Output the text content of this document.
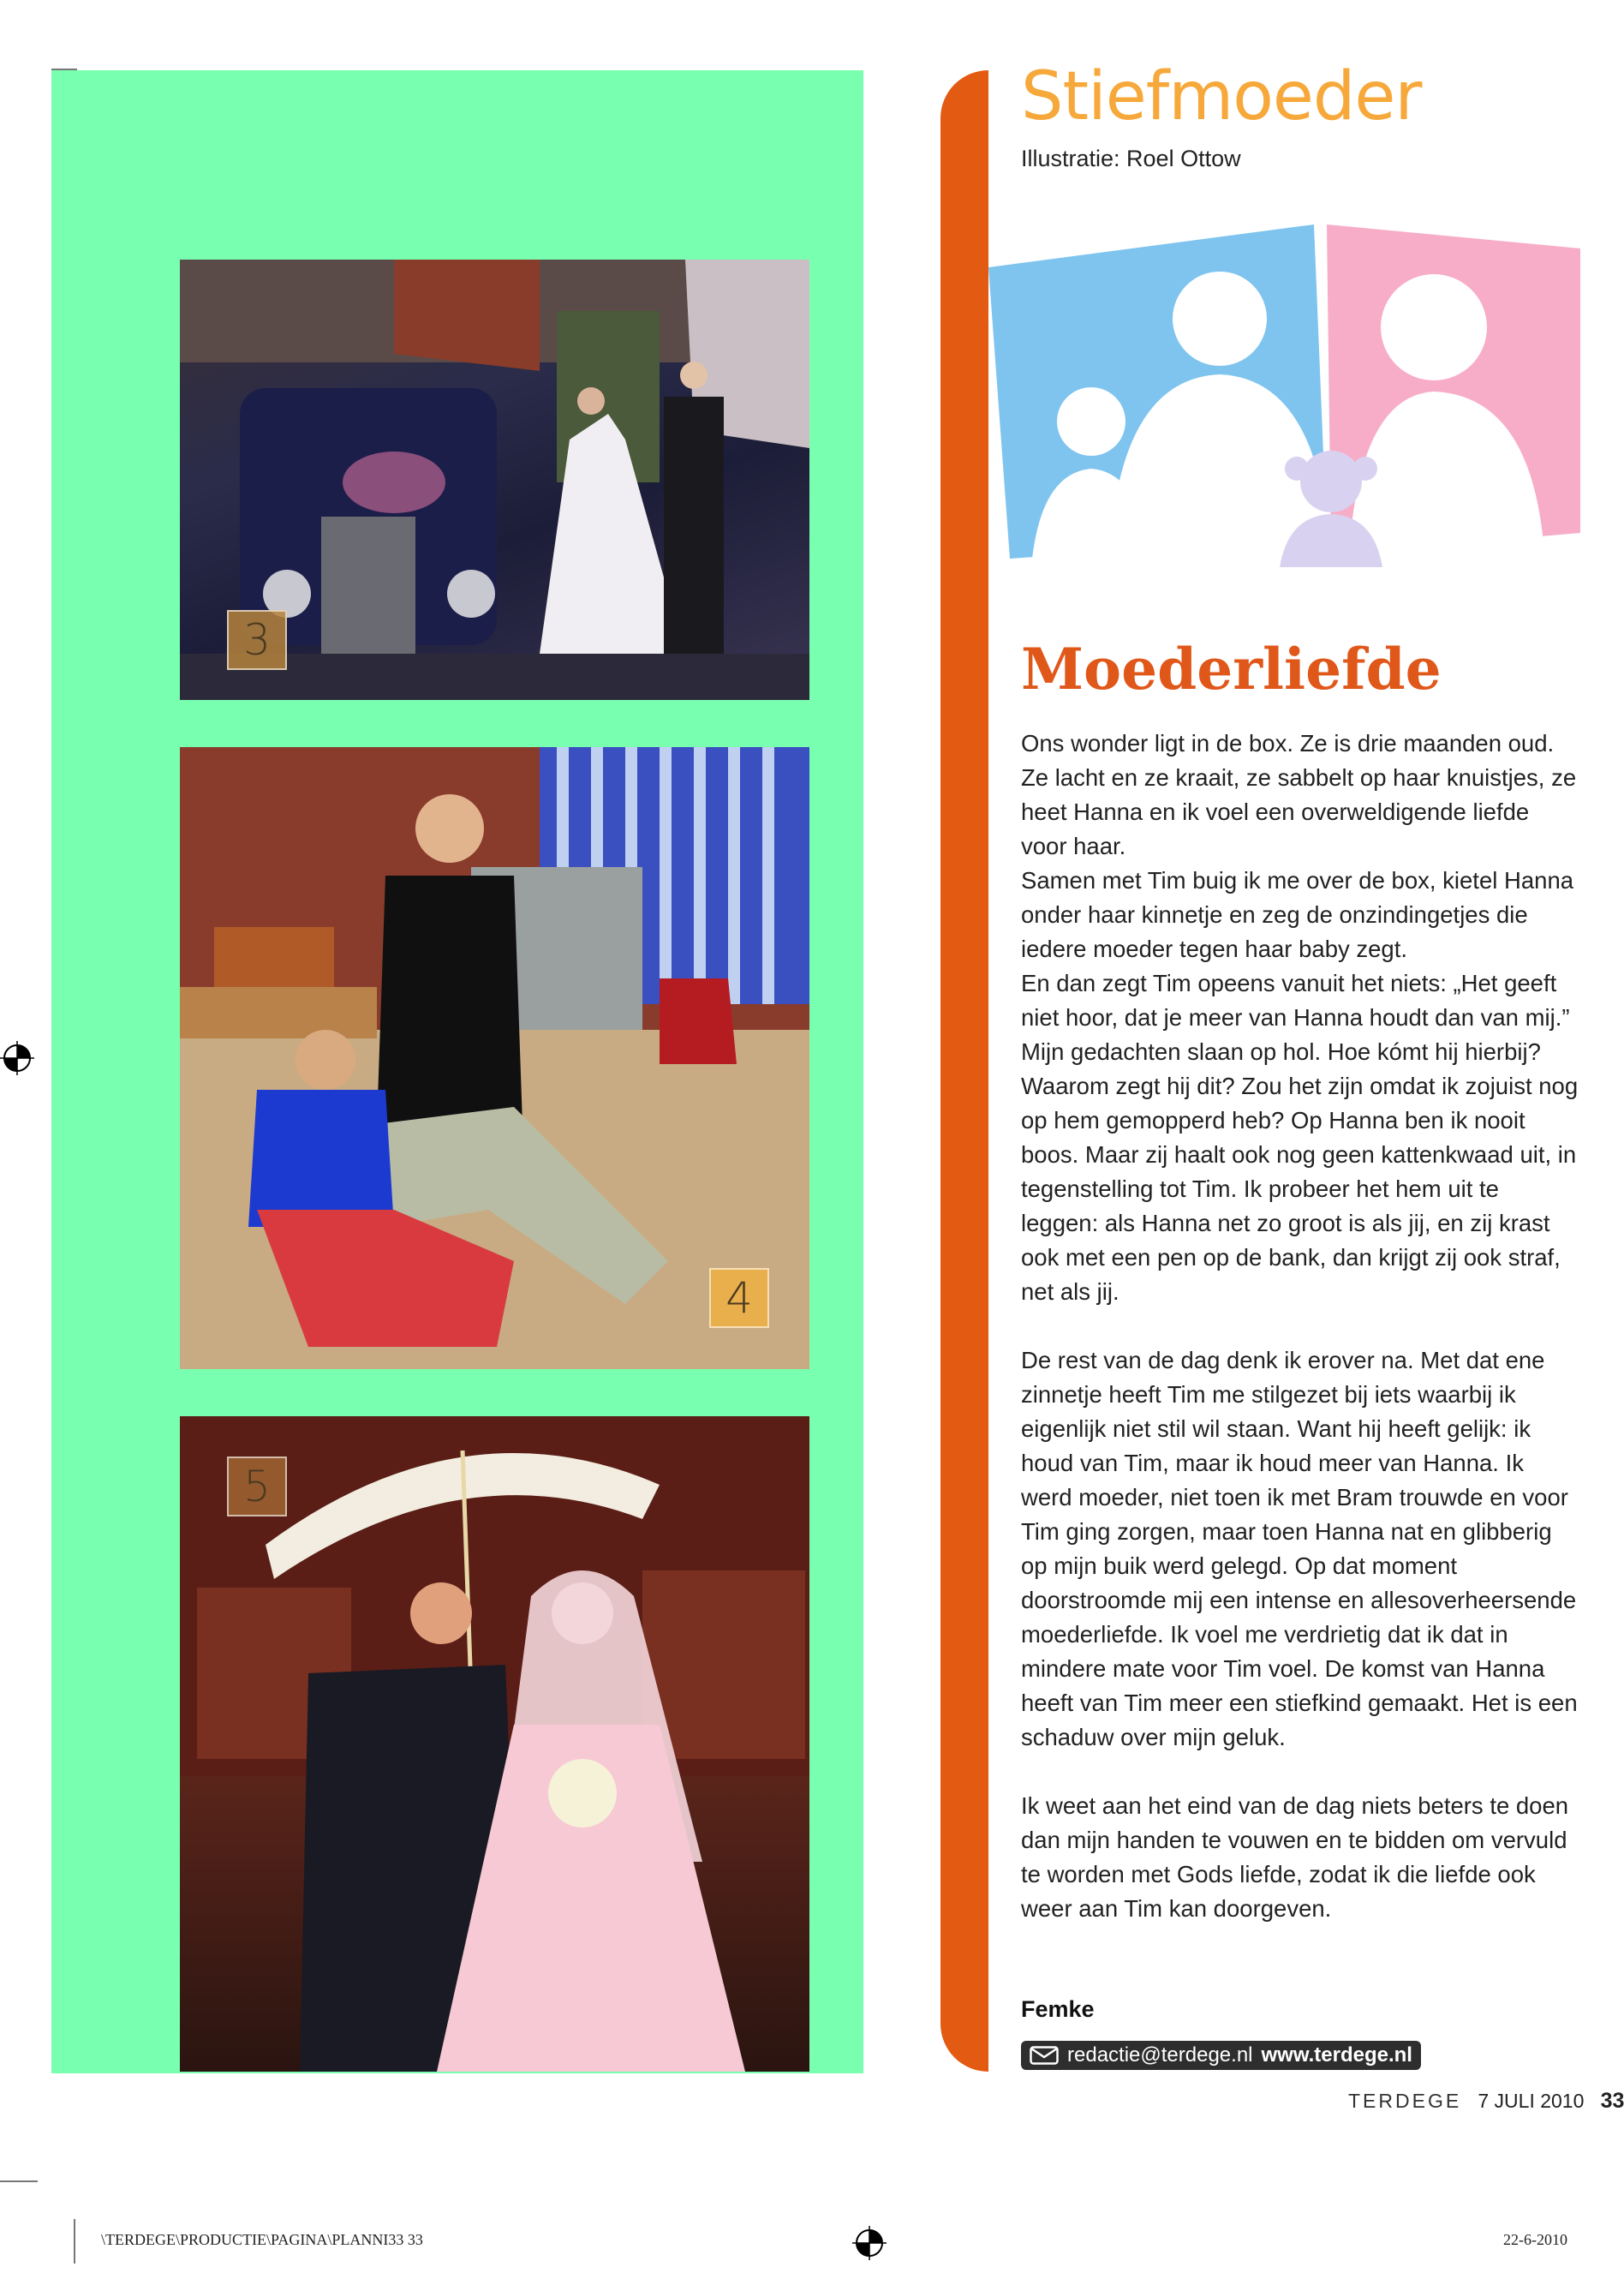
3
4
5
Stiefmoeder
Illustratie: Roel Ottow
Moederliefde

Ons wonder ligt in de box. Ze is drie maanden oud. Ze lacht en ze kraait, ze sabbelt op haar knuistjes, ze heet Hanna en ik voel een overweldigende liefde voor haar.
Samen met Tim buig ik me over de box, kietel Hanna onder haar kinnetje en zeg de onzindingetjes die iedere moeder tegen haar baby zegt.
En dan zegt Tim opeens vanuit het niets: „Het geeft niet hoor, dat je meer van Hanna houdt dan van mij.” Mijn gedachten slaan op hol. Hoe kómt hij hierbij? Waarom zegt hij dit? Zou het zijn omdat ik zojuist nog op hem gemopperd heb? Op Hanna ben ik nooit boos. Maar zij haalt ook nog geen kattenkwaad uit, in tegenstelling tot Tim. Ik probeer het hem uit te leggen: als Hanna net zo groot is als jij, en zij krast ook met een pen op de bank, dan krijgt zij ook straf, net als jij.

De rest van de dag denk ik erover na. Met dat ene zinnetje heeft Tim me stilgezet bij iets waarbij ik eigenlijk niet stil wil staan. Want hij heeft gelijk: ik houd van Tim, maar ik houd meer van Hanna. Ik werd moeder, niet toen ik met Bram trouwde en voor Tim ging zorgen, maar toen Hanna nat en glibberig op mijn buik werd gelegd. Op dat moment doorstroomde mij een intense en allesoverheersende moederliefde. Ik voel me verdrietig dat ik dat in mindere mate voor Tim voel. De komst van Hanna heeft van Tim meer een stiefkind gemaakt. Het is een schaduw over mijn geluk.

Ik weet aan het eind van de dag niets beters te doen dan mijn handen te vouwen en te bidden om vervuld te worden met Gods liefde, zodat ik die liefde ook weer aan Tim kan doorgeven.

Femke
redactie@terdege.nl www.terdege.nl
TERDEGE 7 JULI 2010 33
\TERDEGE\PRODUCTIE\PAGINA\PLANNI33 33	22-6-2010
